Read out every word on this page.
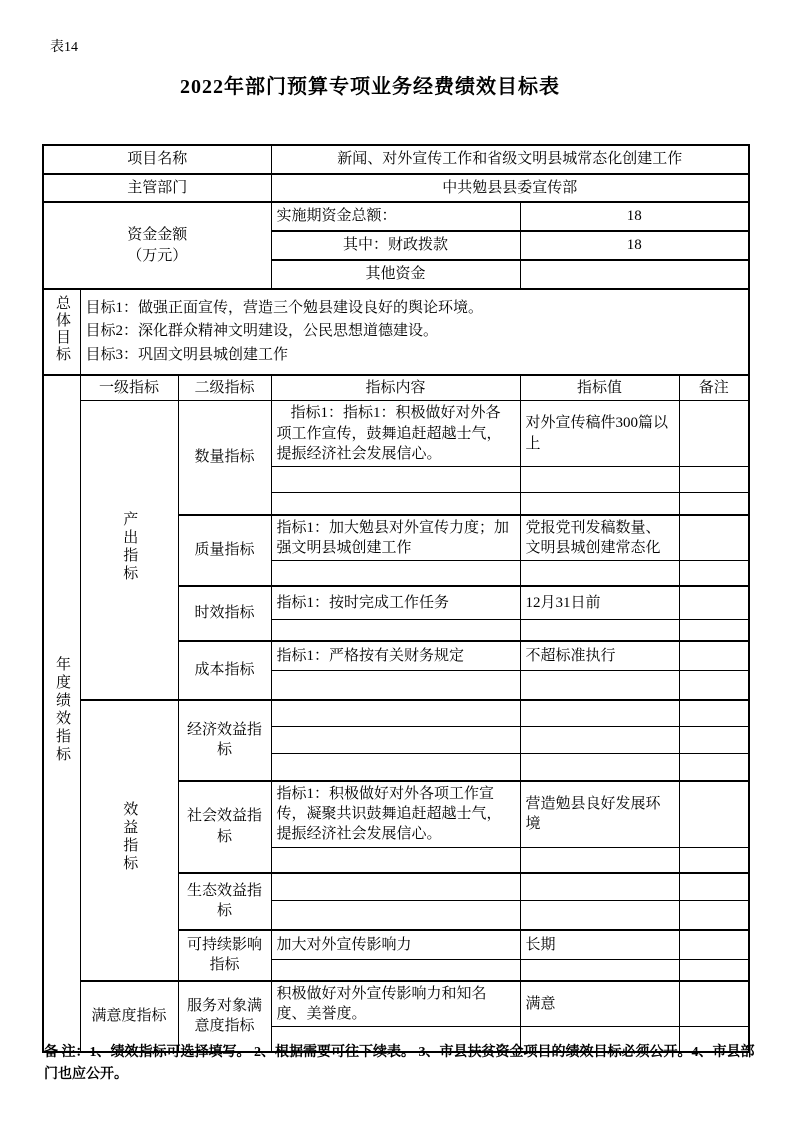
表14
2022年部门预算专项业务经费绩效目标表
项目名称			新闻、对外宣传工作和省级文明县城常态化创建工作		
主管部门			中共勉县县委宣传部		
资金金额
（万元）			实施期资金总额：	18	
			其中：财政拨款	18	
			其他资金		
总体目标	目标1：做强正面宣传，营造三个勉县建设良好的舆论环境。
目标2：深化群众精神文明建设，公民思想道德建设。
目标3：巩固文明县城创建工作				

年度绩效指标	一级指标	二级指标	指标内容	指标值	备注
	产出指标	数量指标	指标1：指标1：积极做好对外各项工作宣传，鼓舞追赶超越士气，提振经济社会发展信心。	对外宣传稿件300篇以上	

		质量指标	指标1：加大勉县对外宣传力度；加强文明县城创建工作	党报党刊发稿数量、文明县城创建常态化	

		时效指标	指标1：按时完成工作任务	12月31日前	

		成本指标	指标1：严格按有关财务规定	不超标准执行	

	效益指标	经济效益指标			

		社会效益指标	指标1：积极做好对外各项工作宣传，凝聚共识鼓舞追赶超越士气，提振经济社会发展信心。	营造勉县良好发展环境	

		生态效益指标			

		可持续影响指标	加大对外宣传影响力	长期	

	满意度指标	服务对象满意度指标	积极做好对外宣传影响力和知名度、美誉度。	满意	

备 注：1、绩效指标可选择填写。 2、根据需要可往下续表。 3、市县扶贫资金项目的绩效目标必须公开。4、市县部门也应公开。
